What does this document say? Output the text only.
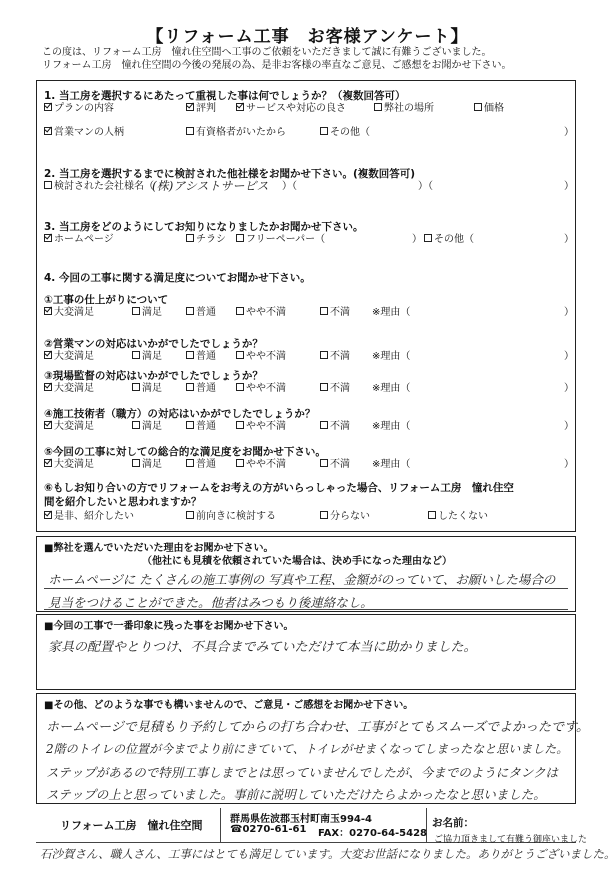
【リフォーム工事　お客様アンケート】
この度は、リフォーム工房　憧れ住空間へ工事のご依頼をいただきまして誠に有難うございました。
リフォーム工房　憧れ住空間の今後の発展の為、是非お客様の率直なご意見、ご感想をお聞かせ下さい。
1. 当工房を選択するにあたって重視した事は何でしょうか？（複数回答可）
プランの内容	評判	サービスや対応の良さ	弊社の場所	価格
営業マンの人柄	有資格者がいたから	その他（	）
2. 当工房を選択するまでに検討された他社様をお聞かせ下さい。(複数回答可)
検討された会社様名（
(株)アシストサービス ）（	）（	）
3. 当工房をどのようにしてお知りになりましたかお聞かせ下さい。
ホームページ	チラシ	フリーペーパー（	）	その他（	）
4. 今回の工事に関する満足度についてお聞かせ下さい。
①工事の仕上がりについて
大変満足	満足	普通	やや不満	不満 ※理由（	）
②営業マンの対応はいかがでしたでしょうか？
大変満足	満足	普通	やや不満	不満 ※理由（	）
③現場監督の対応はいかがでしたでしょうか？
大変満足	満足	普通	やや不満	不満 ※理由（	）
④施工技術者（職方）の対応はいかがでしたでしょうか？
大変満足	満足	普通	やや不満	不満 ※理由（	）
⑤今回の工事に対しての総合的な満足度をお聞かせ下さい。
大変満足	満足	普通	やや不満	不満 ※理由（	）
⑥もしお知り合いの方でリフォームをお考えの方がいらっしゃった場合、リフォーム工房　憧れ住空
間を紹介したいと思われますか？
是非、紹介したい	前向きに検討する	分らない	したくない
■弊社を選んでいただいた理由をお聞かせ下さい。
（他社にも見積を依頼されていた場合は、決め手になった理由など）
ホームページに たくさんの施工事例の 写真や工程、金額がのっていて、お願いした場合の
見当をつけることができた。他者はみつもり後連絡なし。
■今回の工事で一番印象に残った事をお聞かせ下さい。
家具の配置やとりつけ、不具合までみていただけて本当に助かりました。
■その他、どのような事でも構いませんので、ご意見・ご感想をお聞かせ下さい。
ホームページで見積もり予約してからの打ち合わせ、工事がとてもスムーズでよかったです。
2階のトイレの位置が今までより前にきていて、トイレがせまくなってしまったなと思いました。
ステップがあるので特別工事しまでとは思っていませんでしたが、今までのようにタンクは
ステップの上と思っていました。事前に説明していただけたらよかったなと思いました。
リフォーム工房　憧れ住空間	群馬県佐波郡玉村町南玉994-4
☎0270-61-61 FAX：0270-64-5428
お名前：
ご協力頂きまして有難う御座いました
石沙賀さん、職人さん、工事にはとても満足しています。大変お世話になりました。ありがとうございました。
